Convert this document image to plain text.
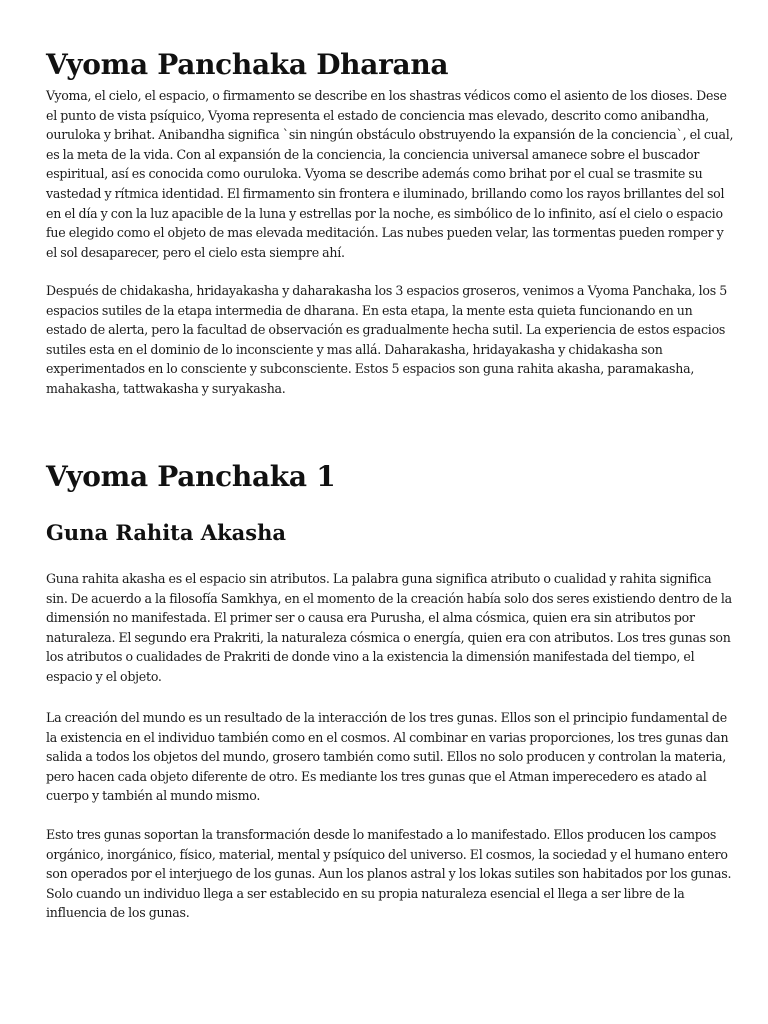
Vyoma Panchaka Dharana

Vyoma, el cielo, el espacio, o firmamento se describe en los shastras védicos como el asiento de los dioses. Dese el punto de vista psíquico, Vyoma representa el estado de conciencia mas elevado, descrito como anibandha, ouruloka y brihat. Anibandha significa `sin ningún obstáculo obstruyendo la expansión de la conciencia`, el cual, es la meta de la vida. Con al expansión de la conciencia, la conciencia universal amanece sobre el buscador espiritual, así es conocida como ouruloka. Vyoma se describe además como brihat por el cual se trasmite su vastedad y rítmica identidad. El firmamento sin frontera e iluminado, brillando como los rayos brillantes del sol en el día y con la luz apacible de la luna y estrellas por la noche, es simbólico de lo infinito, así el cielo o espacio fue elegido como el objeto de mas elevada meditación. Las nubes pueden velar, las tormentas pueden romper y el sol desaparecer, pero el cielo esta siempre ahí.

Después de chidakasha, hridayakasha y daharakasha los 3 espacios groseros, venimos a Vyoma Panchaka, los 5 espacios sutiles de la etapa intermedia de dharana. En esta etapa, la mente esta quieta funcionando en un estado de alerta, pero la facultad de observación es gradualmente hecha sutil. La experiencia de estos espacios sutiles esta en el dominio de lo inconsciente y mas allá. Daharakasha, hridayakasha y chidakasha son experimentados en lo consciente y subconsciente. Estos 5 espacios son guna rahita akasha, paramakasha, mahakasha, tattwakasha y suryakasha.

Vyoma Panchaka 1
Guna Rahita Akasha

Guna rahita akasha es el espacio sin atributos. La palabra guna significa atributo o cualidad y rahita significa sin. De acuerdo a la filosofía Samkhya, en el momento de la creación había solo dos seres existiendo dentro de la dimensión no manifestada. El primer ser o causa era Purusha, el alma cósmica, quien era sin atributos por naturaleza. El segundo era Prakriti, la naturaleza cósmica o energía, quien era con atributos. Los tres gunas son los atributos o cualidades de Prakriti de donde vino a la existencia la dimensión manifestada del tiempo, el espacio y el objeto.

La creación del mundo es un resultado de la interacción de los tres gunas. Ellos son el principio fundamental de la existencia en el individuo también como en el cosmos. Al combinar en varias proporciones, los tres gunas dan salida a todos los objetos del mundo, grosero también como sutil. Ellos no solo producen y controlan la materia, pero hacen cada objeto diferente de otro. Es mediante los tres gunas que el Atman imperecedero es atado al cuerpo y también al mundo mismo.

Esto tres gunas soportan la transformación desde lo manifestado a lo manifestado. Ellos producen los campos orgánico, inorgánico, físico, material, mental y psíquico del universo. El cosmos, la sociedad y el humano entero son operados por el interjuego de los gunas. Aun los planos astral y los lokas sutiles son habitados por los gunas. Solo cuando un individuo llega a ser establecido en su propia naturaleza esencial el llega a ser libre de la influencia de los gunas.
